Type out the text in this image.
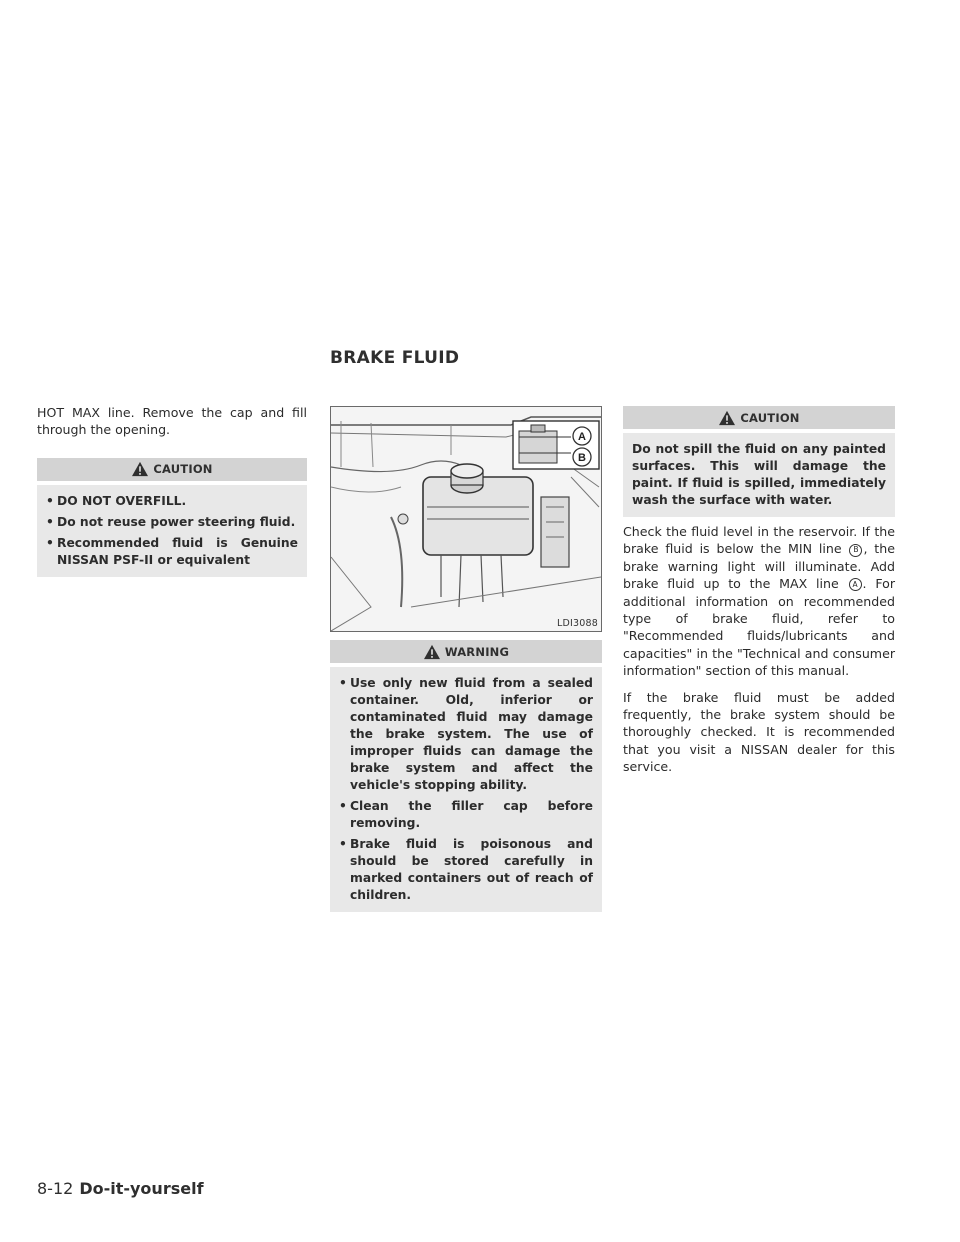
BRAKE FLUID

HOT MAX line. Remove the cap and fill through the opening.

CAUTION
• DO NOT OVERFILL.
• Do not reuse power steering fluid.
• Recommended fluid is Genuine NISSAN PSF-II or equivalent
A
B
LDI3088
WARNING
• Use only new fluid from a sealed container. Old, inferior or contaminated fluid may damage the brake system. The use of improper fluids can damage the brake system and affect the vehicle's stopping ability.
• Clean the filler cap before removing.
• Brake fluid is poisonous and should be stored carefully in marked containers out of reach of children.
CAUTION

Do not spill the fluid on any painted surfaces. This will damage the paint. If fluid is spilled, immediately wash the surface with water.

Check the fluid level in the reservoir. If the brake fluid is below the MIN line B , the brake warning light will illuminate. Add brake fluid up to the MAX line A . For additional information on recommended type of brake fluid, refer to "Recommended fluids/lubricants and capacities" in the "Technical and consumer information" section of this manual.

If the brake fluid must be added frequently, the brake system should be thoroughly checked. It is recommended that you visit a NISSAN dealer for this service.

8-12 Do-it-yourself
